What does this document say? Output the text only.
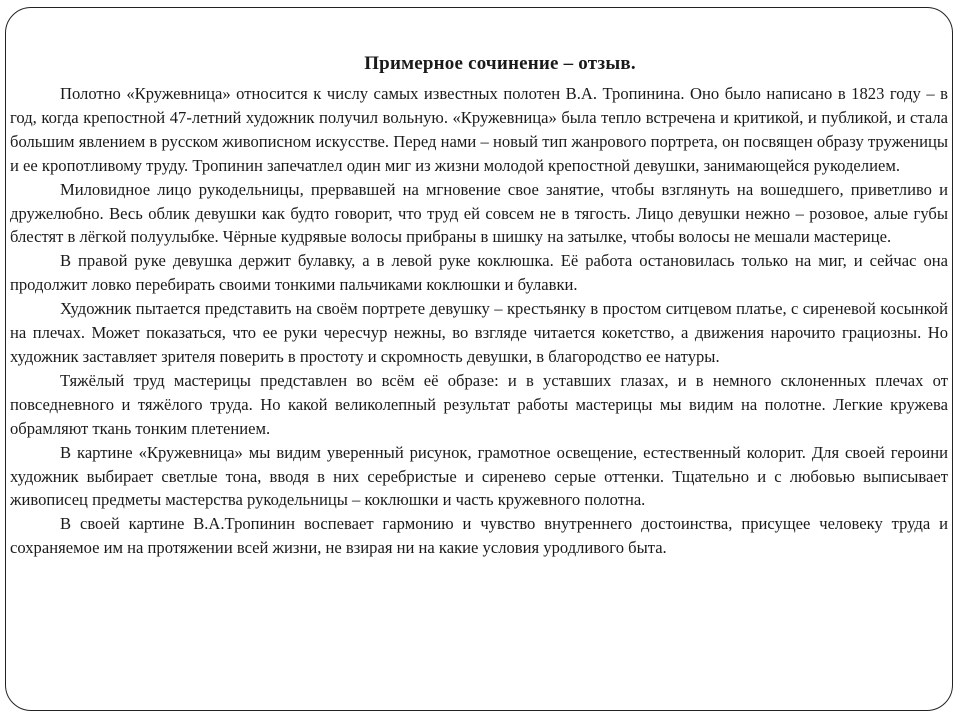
Примерное сочинение – отзыв.

Полотно «Кружевница» относится к числу самых известных полотен В.А. Тропинина. Оно было написано в 1823 году – в год, когда крепостной 47-летний художник получил вольную. «Кружевница» была тепло встречена и критикой, и публикой, и стала большим явлением в русском живописном искусстве. Перед нами – новый тип жанрового портрета, он посвящен образу труженицы и ее кропотливому труду. Тропинин запечатлел один миг из жизни молодой крепостной девушки, занимающейся рукоделием.

Миловидное лицо рукодельницы, прервавшей на мгновение свое занятие, чтобы взглянуть на вошедшего, приветливо и дружелюбно. Весь облик девушки как будто говорит, что труд ей совсем не в тягость. Лицо девушки нежно – розовое, алые губы блестят в лёгкой полуулыбке. Чёрные кудрявые волосы прибраны в шишку на затылке, чтобы волосы не мешали мастерице.

В правой руке девушка держит булавку, а в левой руке коклюшка. Её работа остановилась только на миг, и сейчас она продолжит ловко перебирать своими тонкими пальчиками коклюшки и булавки.

Художник пытается представить на своём портрете девушку – крестьянку в простом ситцевом платье, с сиреневой косынкой на плечах. Может показаться, что ее руки чересчур нежны, во взгляде читается кокетство, а движения нарочито грациозны. Но художник заставляет зрителя поверить в простоту и скромность девушки, в благородство ее натуры.

Тяжёлый труд мастерицы представлен во всём её образе: и в уставших глазах, и в немного склоненных плечах от повседневного и тяжёлого труда. Но какой великолепный результат работы мастерицы мы видим на полотне. Легкие кружева обрамляют ткань тонким плетением.

В картине «Кружевница» мы видим уверенный рисунок, грамотное освещение, естественный колорит. Для своей героини художник выбирает светлые тона, вводя в них серебристые и сиренево серые оттенки. Тщательно и с любовью выписывает живописец предметы мастерства рукодельницы – коклюшки и часть кружевного полотна.

В своей картине В.А.Тропинин воспевает гармонию и чувство внутреннего достоинства, присущее человеку труда и сохраняемое им на протяжении всей жизни, не взирая ни на какие условия уродливого быта.
